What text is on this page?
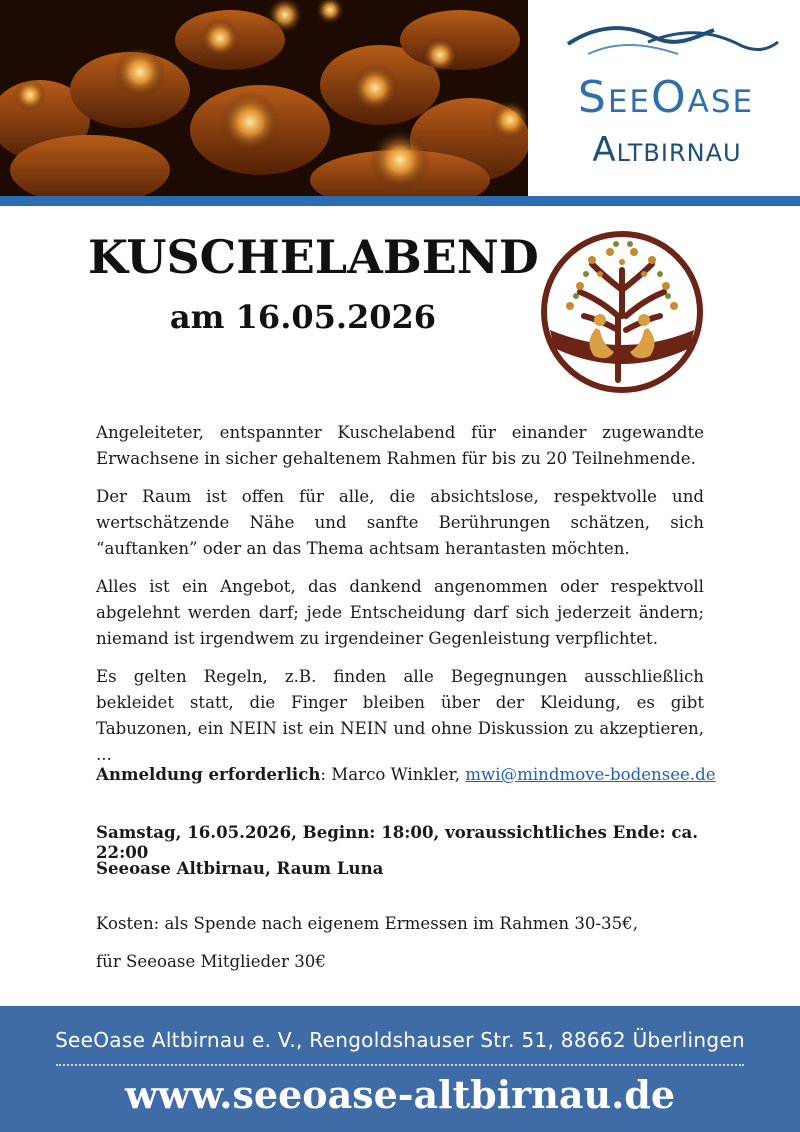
SeeOase
Altbirnau
KUSCHELABEND
am 16.05.2026

Angeleiteter, entspannter Kuschelabend für einander zugewandte Erwachsene in sicher gehaltenem Rahmen für bis zu 20 Teilnehmende.

Der Raum ist offen für alle, die absichtslose, respektvolle und wertschätzende Nähe und sanfte Berührungen schätzen, sich “auftanken” oder an das Thema achtsam herantasten möchten.

Alles ist ein Angebot, das dankend angenommen oder respektvoll abgelehnt werden darf; jede Entscheidung darf sich jederzeit ändern; niemand ist irgendwem zu irgendeiner Gegenleistung verpflichtet.

Es gelten Regeln, z.B. finden alle Begegnungen ausschließlich bekleidet statt, die Finger bleiben über der Kleidung, es gibt Tabuzonen, ein NEIN ist ein NEIN und ohne Diskussion zu akzeptieren, ...

Anmeldung erforderlich: Marco Winkler, mwi@mindmove-bodensee.de
Samstag, 16.05.2026, Beginn: 18:00, voraussichtliches Ende: ca. 22:00
Seeoase Altbirnau, Raum Luna
Kosten: als Spende nach eigenem Ermessen im Rahmen 30-35€,
für Seeoase Mitglieder 30€
SeeOase Altbirnau e. V., Rengoldshauser Str. 51, 88662 Überlingen
www.seeoase-altbirnau.de
